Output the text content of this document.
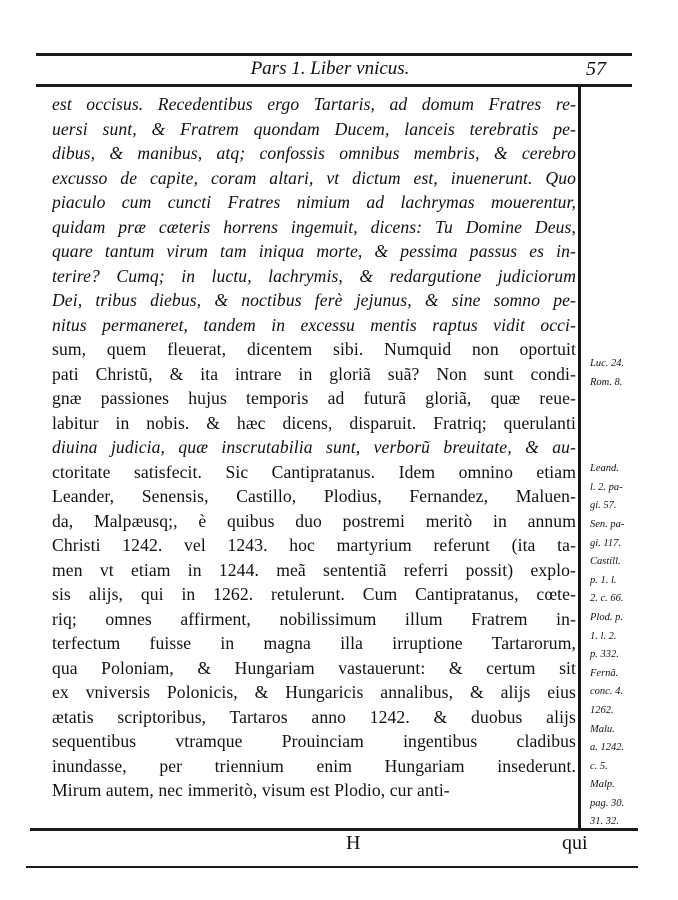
Pars 1. Liber vnicus.	57
est occisus. Recedentibus ergo Tartaris, ad domum Fratres re-
uersi sunt, & Fratrem quondam Ducem, lanceis terebratis pe-
dibus, & manibus, atq; confossis omnibus membris, & cerebro
excusso de capite, coram altari, vt dictum est, inuenerunt. Quo
piaculo cum cuncti Fratres nimium ad lachrymas mouerentur,
quidam præ cæteris horrens ingemuit, dicens: Tu Domine Deus,
quare tantum virum tam iniqua morte, & pessima passus es in-
terire? Cumq; in luctu, lachrymis, & redargutione judiciorum
Dei, tribus diebus, & noctibus ferè jejunus, & sine somno pe-
nitus permaneret, tandem in excessu mentis raptus vidit occi-
sum, quem fleuerat, dicentem sibi. Numquid non oportuit
pati Christũ, & ita intrare in gloriã suã? Non sunt condi-
gnæ passiones hujus temporis ad futurã gloriã, quæ reue-
labitur in nobis. & hæc dicens, disparuit. Fratriq; querulanti
diuina judicia, quæ inscrutabilia sunt, verborũ breuitate, & au-
ctoritate satisfecit. Sic Cantipratanus. Idem omnino etiam
Leander, Senensis, Castillo, Plodius, Fernandez, Maluen-
da, Malpæusq;, è quibus duo postremi meritò in annum
Christi 1242. vel 1243. hoc martyrium referunt (ita ta-
men vt etiam in 1244. meã sententiã referri possit) explo-
sis alijs, qui in 1262. retulerunt. Cum Cantipratanus, cœte-
riq; omnes affirment, nobilissimum illum Fratrem in-
terfectum fuisse in magna illa irruptione Tartarorum,
qua Poloniam, & Hungariam vastauerunt: & certum sit
ex vniversis Polonicis, & Hungaricis annalibus, & alijs eius
ætatis scriptoribus, Tartaros anno 1242. & duobus alijs
sequentibus vtramque Prouinciam ingentibus cladibus
inundasse, per triennium enim Hungariam insederunt.
Mirum autem, nec immeritò, visum est Plodio, cur anti-
Luc. 24.
Rom. 8.
Leand.
l. 2. pa-
gi. 57.
Sen. pa-
gi. 117.
Castill.
p. 1. l.
2. c. 66.
Plod. p.
1. l. 2.
p. 332.
Fernã.
conc. 4.
1262.
Malu.
a. 1242.
c. 5.
Malp.
pag. 30.
31. 32.
H	qui
